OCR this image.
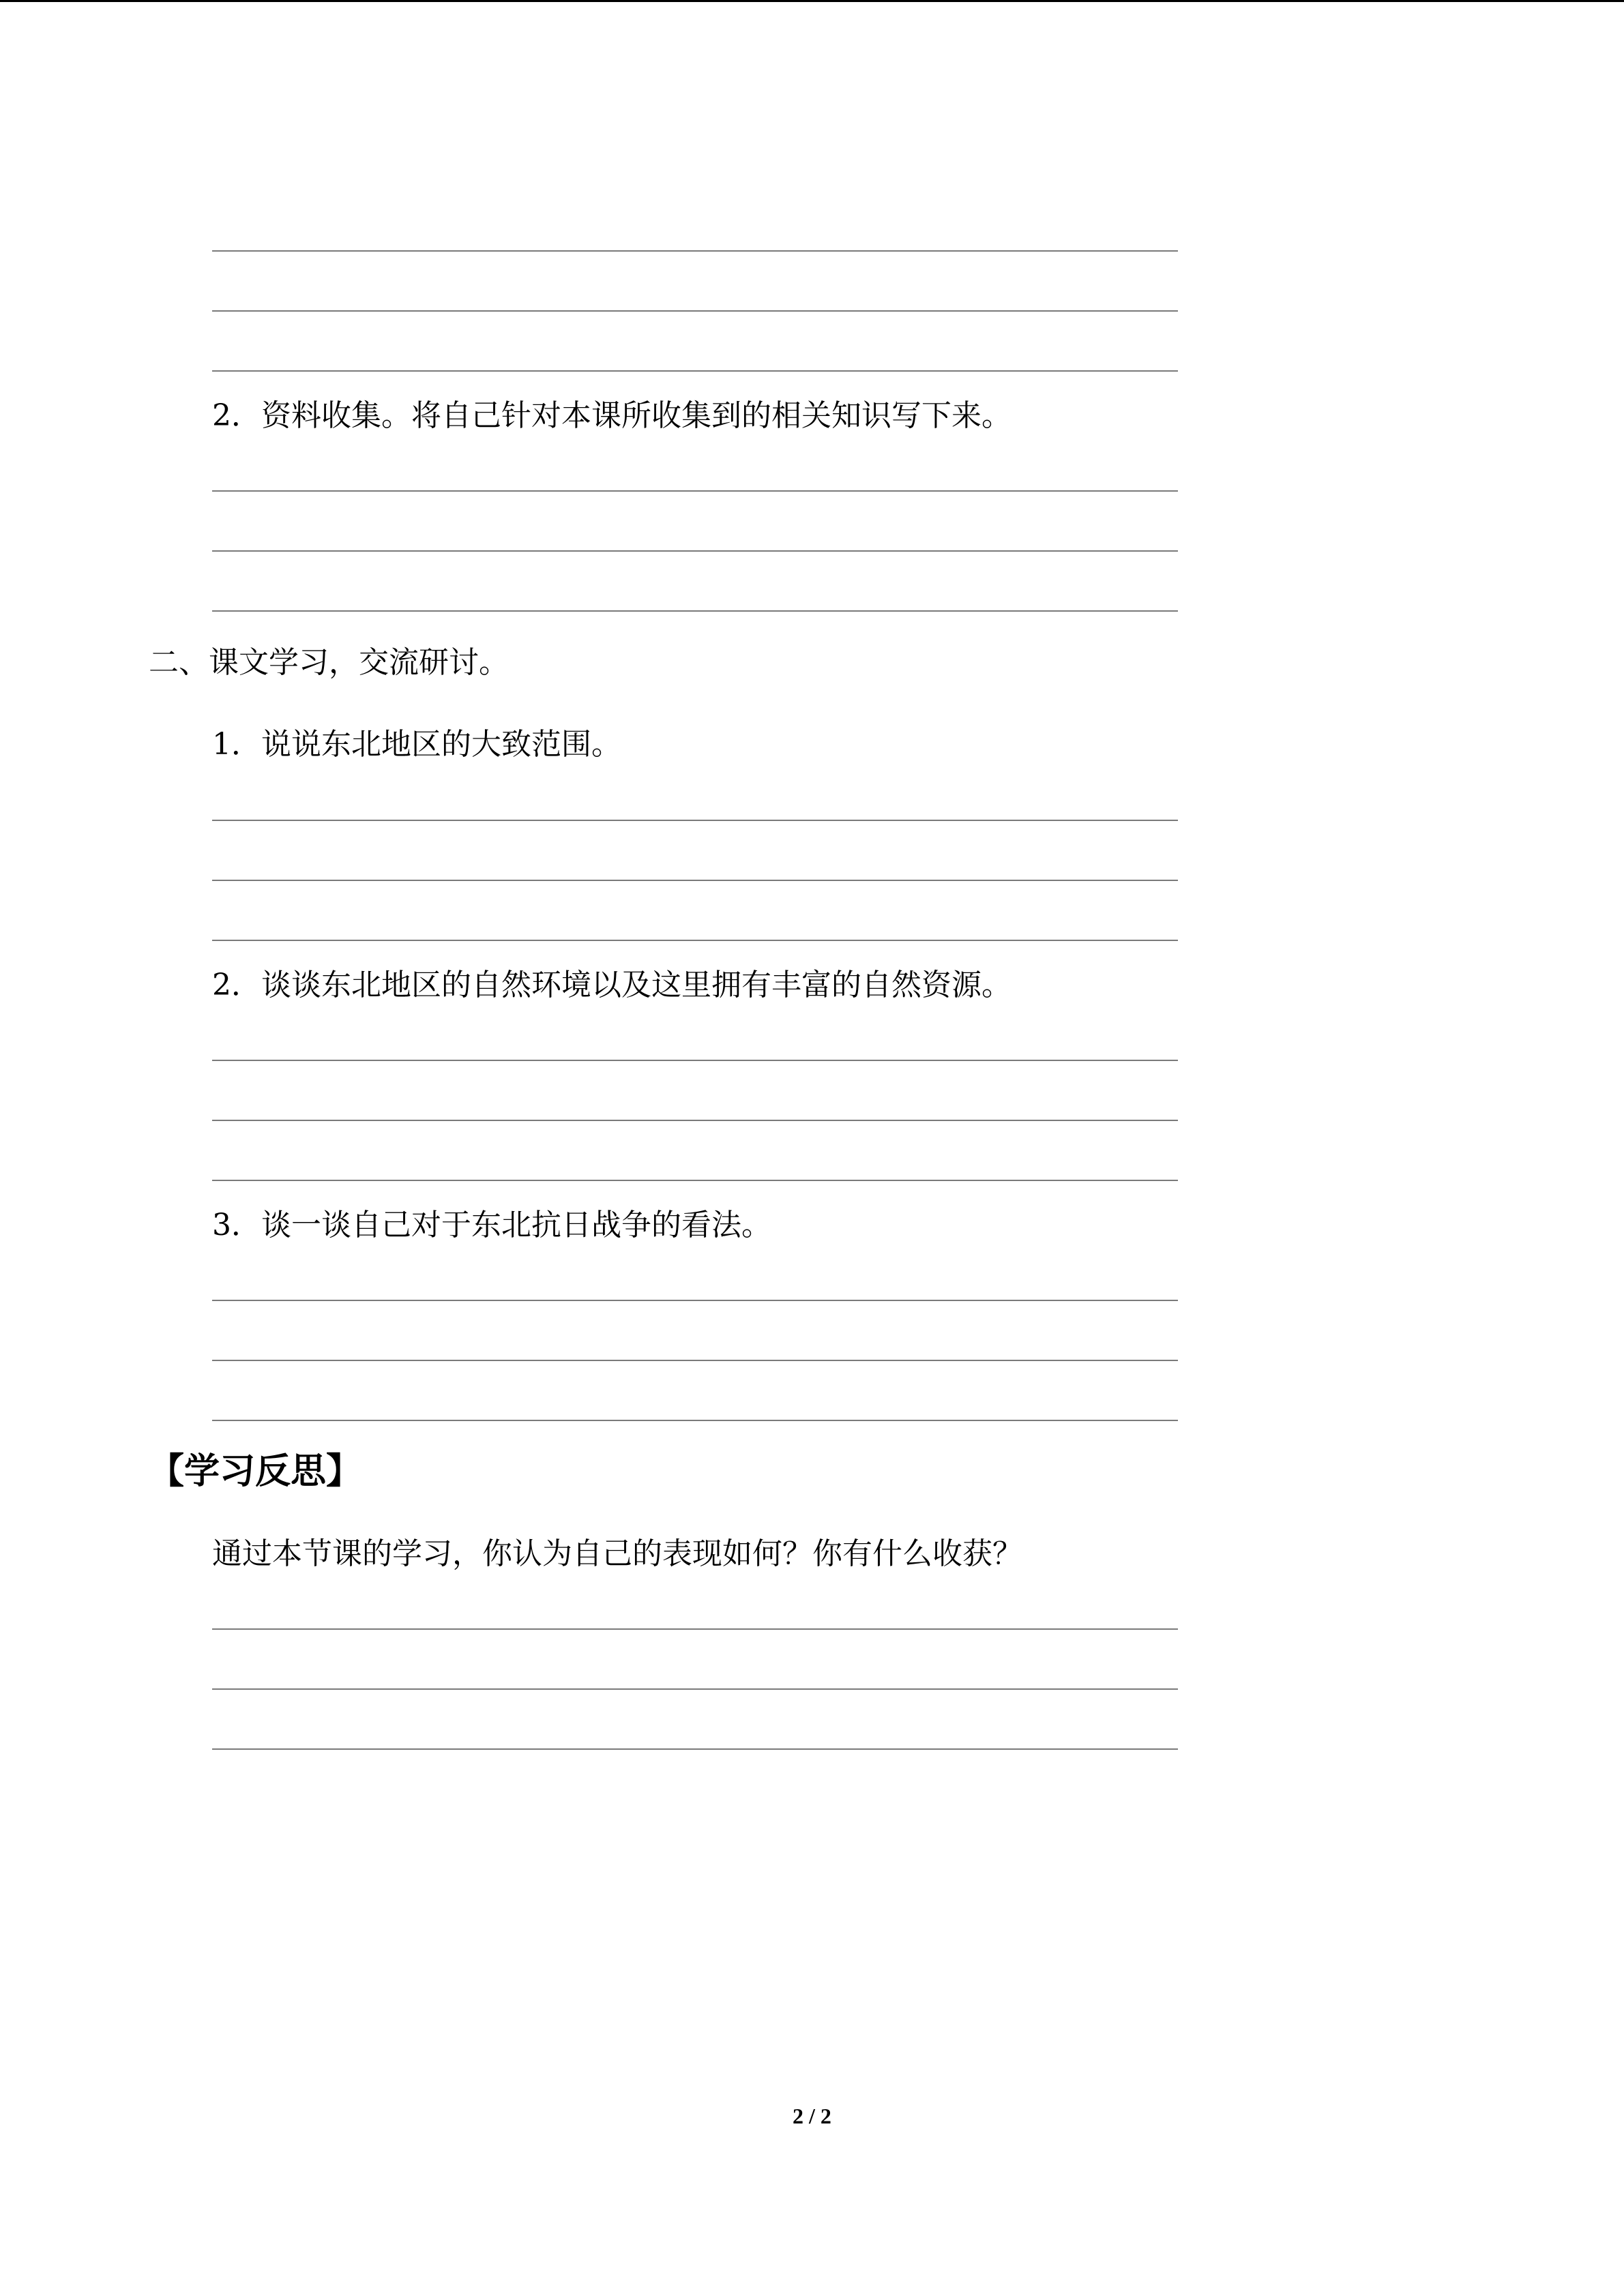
2．资料收集。将自己针对本课所收集到的相关知识写下来。
二、课文学习，交流研讨。
1．说说东北地区的大致范围。
2．谈谈东北地区的自然环境以及这里拥有丰富的自然资源。
3．谈一谈自己对于东北抗日战争的看法。
【学习反思】
通过本节课的学习，你认为自己的表现如何？你有什么收获？
2 / 2
